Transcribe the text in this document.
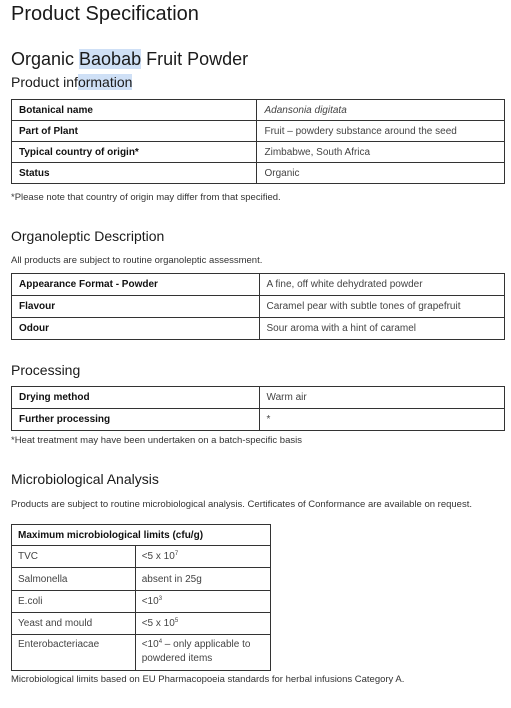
Product Specification
Organic Baobab Fruit Powder
Product information
Botanical name	Adansonia digitata
Part of Plant	Fruit – powdery substance around the seed
Typical country of origin*	Zimbabwe, South Africa
Status	Organic
*Please note that country of origin may differ from that specified.
Organoleptic Description
All products are subject to routine organoleptic assessment.
Appearance Format - Powder	A fine, off white dehydrated powder
Flavour	Caramel pear with subtle tones of grapefruit
Odour	Sour aroma with a hint of caramel
Processing
Drying method	Warm air
Further processing	*
*Heat treatment may have been undertaken on a batch-specific basis
Microbiological Analysis
Products are subject to routine microbiological analysis. Certificates of Conformance are available on request.
Maximum microbiological limits (cfu/g)	
TVC	<5 x $10^7$
Salmonella	absent in 25g
E.coli	$<10^3$
Yeast and mould	<5 x $10^5$
Enterobacteriacae	$<10^4$ – only applicable to powdered items
Microbiological limits based on EU Pharmacopoeia standards for herbal infusions Category A.
